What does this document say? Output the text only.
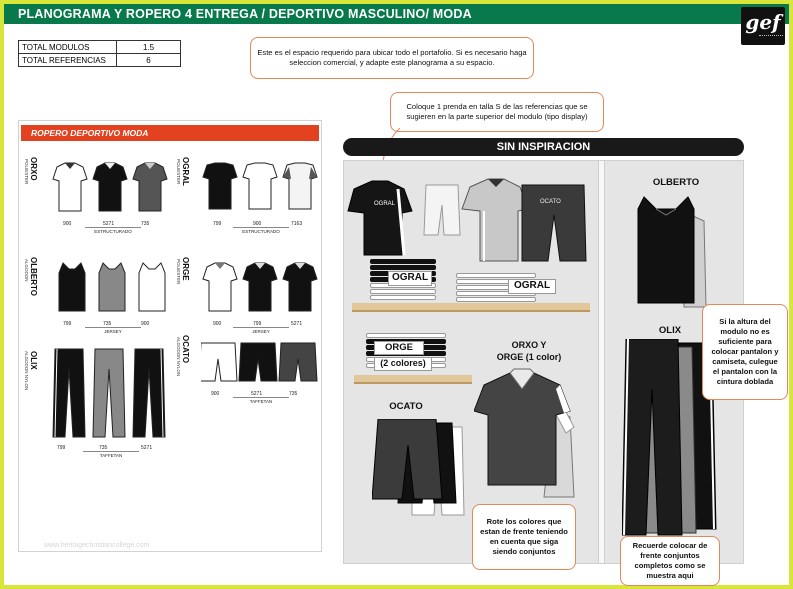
PLANOGRAMA Y ROPERO 4 ENTREGA / DEPORTIVO MASCULINO/ MODA	gef
TOTAL MODULOS	1.5
TOTAL REFERENCIAS	6
Este es el espacio requerido para ubicar todo el portafolio. Si es necesario haga seleccion comercial, y adapte este planograma a su espacio.
Coloque 1 prenda en talla S de las referencias que se sugieren en la parte superior del modulo (tipo display)
ROPERO DEPORTIVO MODA
ORXO
POLIESTER
900	5271	735
ESTRUCTURADO
OGRAL
POLIESTER
799	900	7163
ESTRUCTURADO
OLBERTO
ALGODON
799	735	900
JERSEY
ORGE
POLIESTER
900	799	5271
JERSEY
OLIX
ALGODON NYLON
799	735	5271
TAFFETAN
OCATO
ALGODON NYLON
900	5271	735
TAFFETAN
SIN INSPIRACION
OGRAL	OCATO
OGRAL
OGRAL
ORGE
(2 colores)
ORXO Y
ORGE (1 color)
OCATO
OLBERTO
OLIX
Si la altura del modulo no es suficiente para colocar pantalon y camiseta, culegue el pantalon con la cintura doblada
Rote los colores que estan de frente teniendo en cuenta que siga siendo conjuntos
Recuerde colocar de frente conjuntos completos como se muestra aqui
www.heritagechristiancollege.com
